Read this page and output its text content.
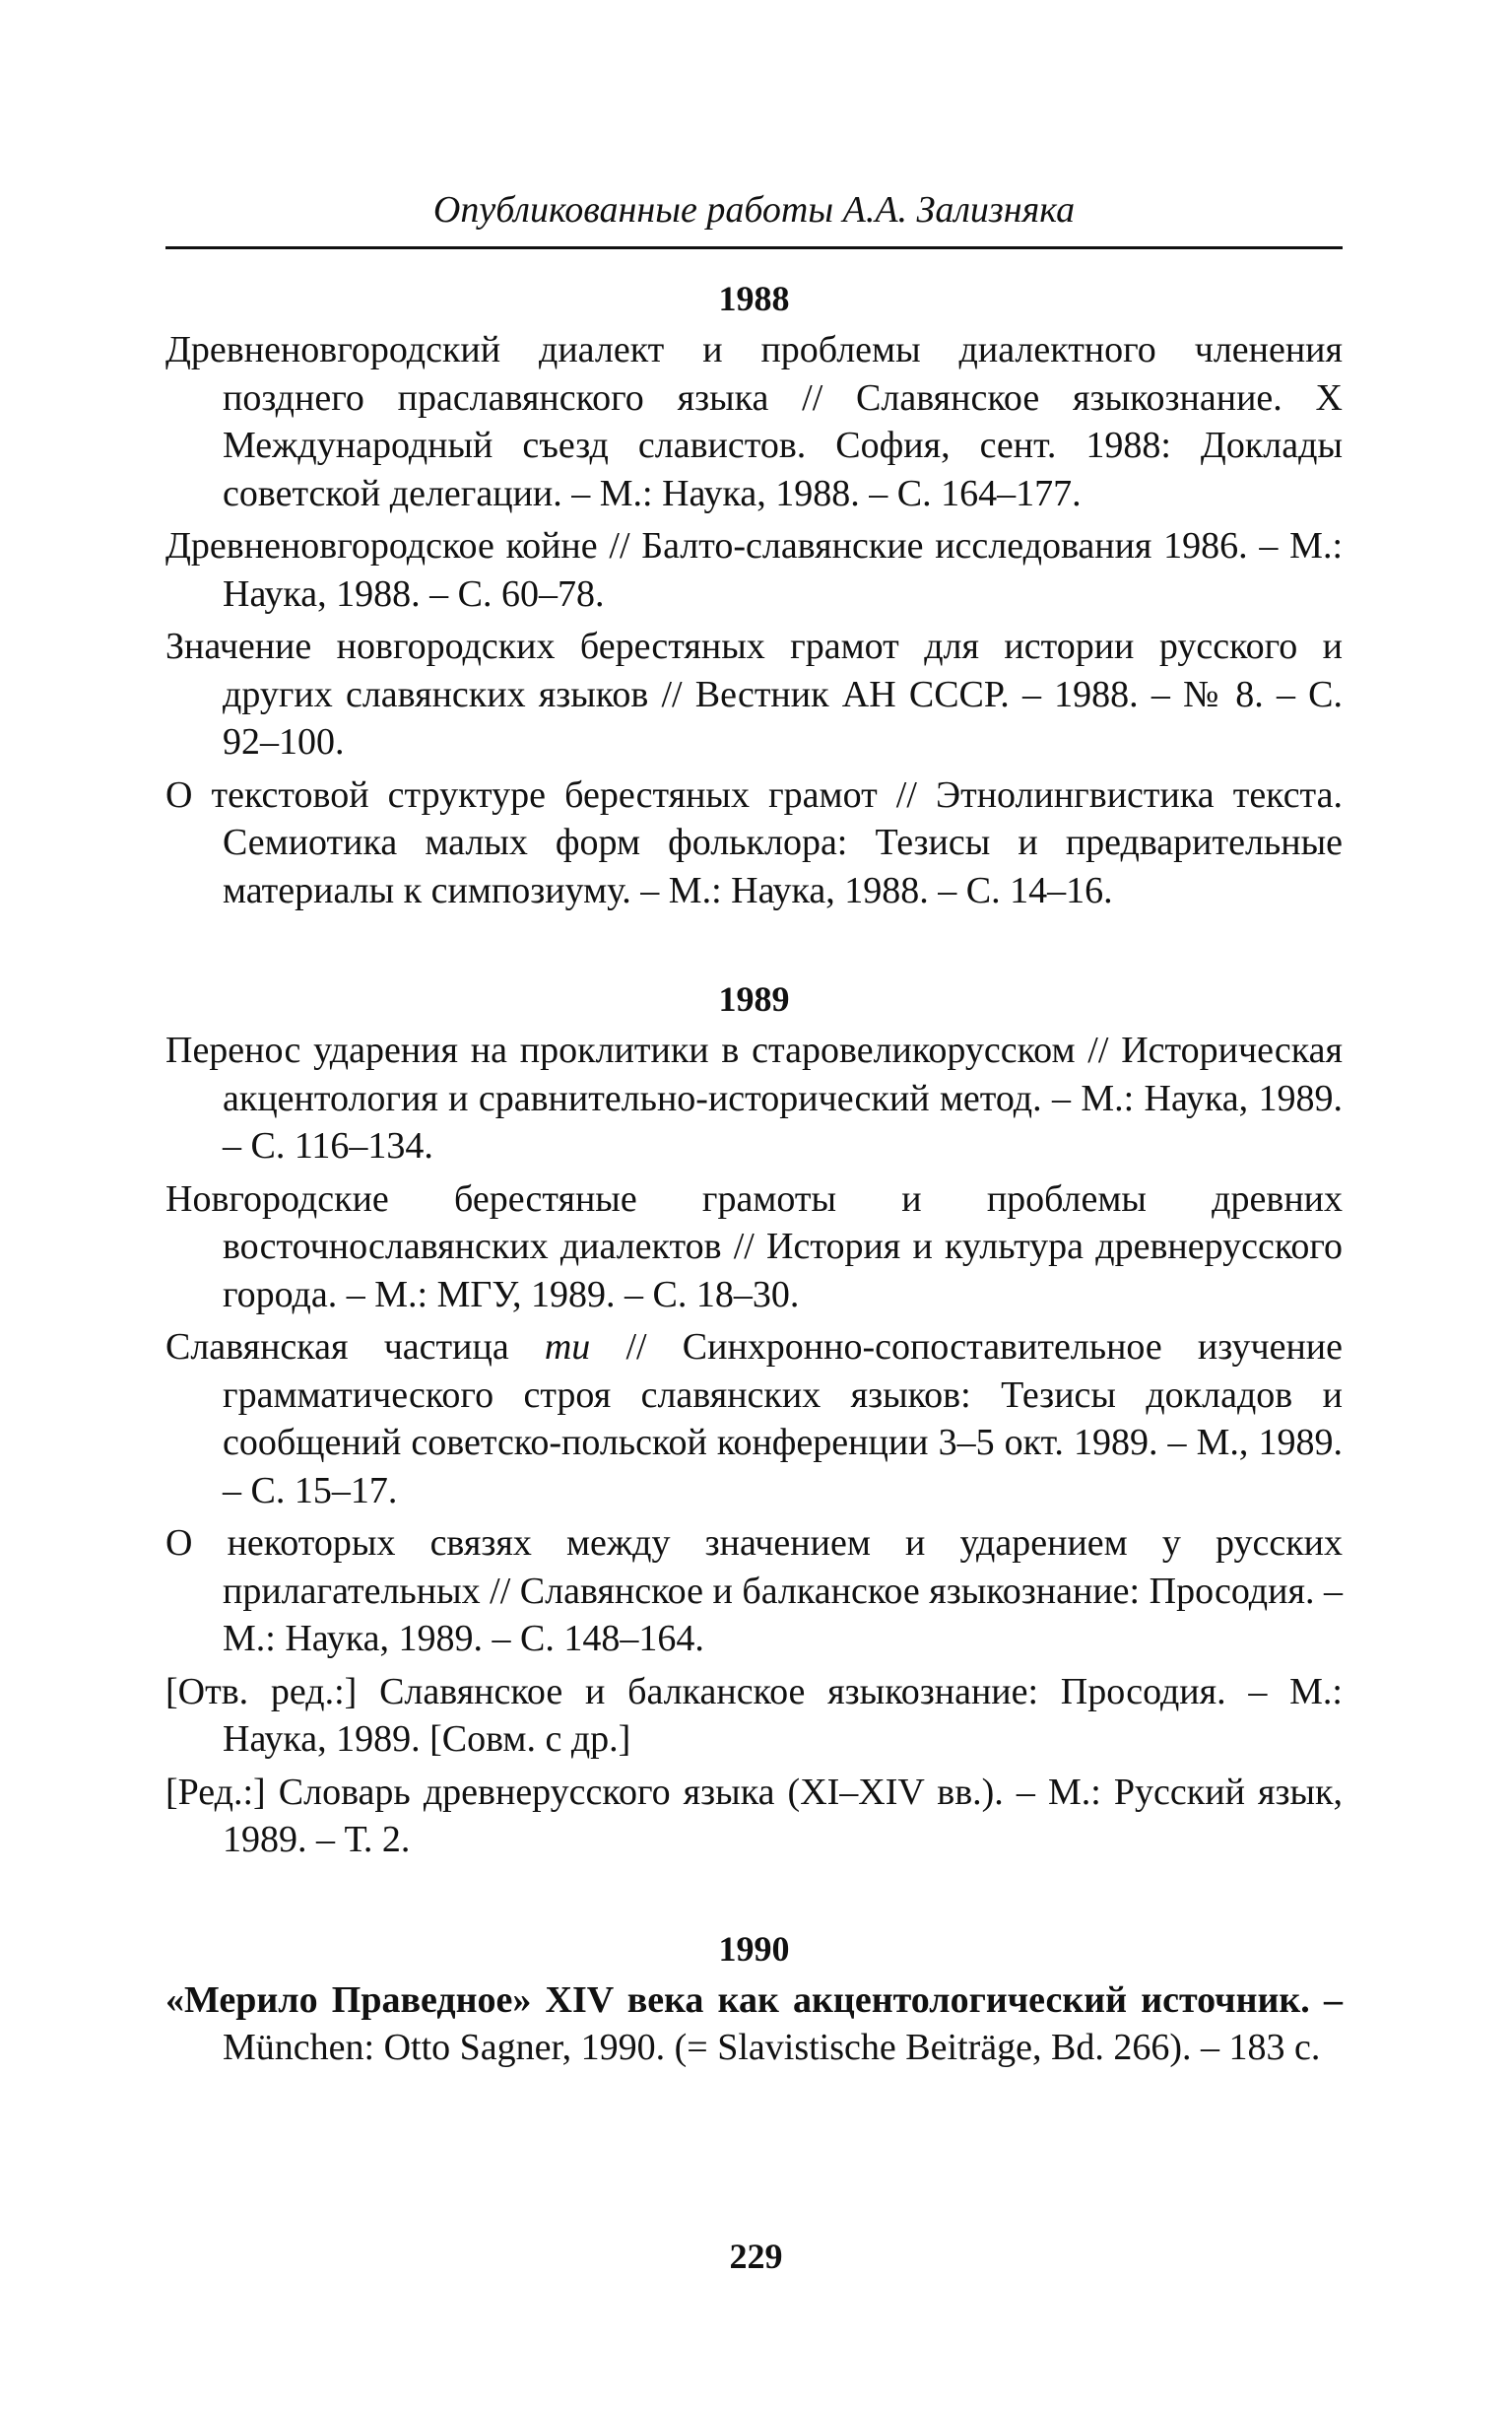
Опубликованные работы А.А. Зализняка

1988
Древненовгородский диалект и проблемы диалектного членения позднего праславянского языка // Славянское языкознание. X Международный съезд славистов. София, сент. 1988: Доклады советской делегации. – М.: Наука, 1988. – С. 164–177.
Древненовгородское койне // Балто-славянские исследования 1986. – М.: Наука, 1988. – С. 60–78.
Значение новгородских берестяных грамот для истории русского и других славянских языков // Вестник АН СССР. – 1988. – № 8. – С. 92–100.
О текстовой структуре берестяных грамот // Этнолингвистика текста. Семиотика малых форм фольклора: Тезисы и предварительные материалы к симпозиуму. – М.: Наука, 1988. – С. 14–16.
1989
Перенос ударения на проклитики в старовеликорусском // Историческая акцентология и сравнительно-исторический метод. – М.: Наука, 1989. – С. 116–134.
Новгородские берестяные грамоты и проблемы древних восточнославянских диалектов // История и культура древнерусского города. – М.: МГУ, 1989. – С. 18–30.
Славянская частица ти // Синхронно-сопоставительное изучение грамматического строя славянских языков: Тезисы докладов и сообщений советско-польской конференции 3–5 окт. 1989. – М., 1989. – С. 15–17.
О некоторых связях между значением и ударением у русских прилагательных // Славянское и балканское языкознание: Просодия. – М.: Наука, 1989. – С. 148–164.
[Отв. ред.:] Славянское и балканское языкознание: Просодия. – М.: Наука, 1989. [Совм. с др.]
[Ред.:] Словарь древнерусского языка (XI–XIV вв.). – М.: Русский язык, 1989. – Т. 2.
1990
«Мерило Праведное» XIV века как акцентологический источник. – München: Otto Sagner, 1990. (= Slavistische Beiträge, Bd. 266). – 183 с.

229
